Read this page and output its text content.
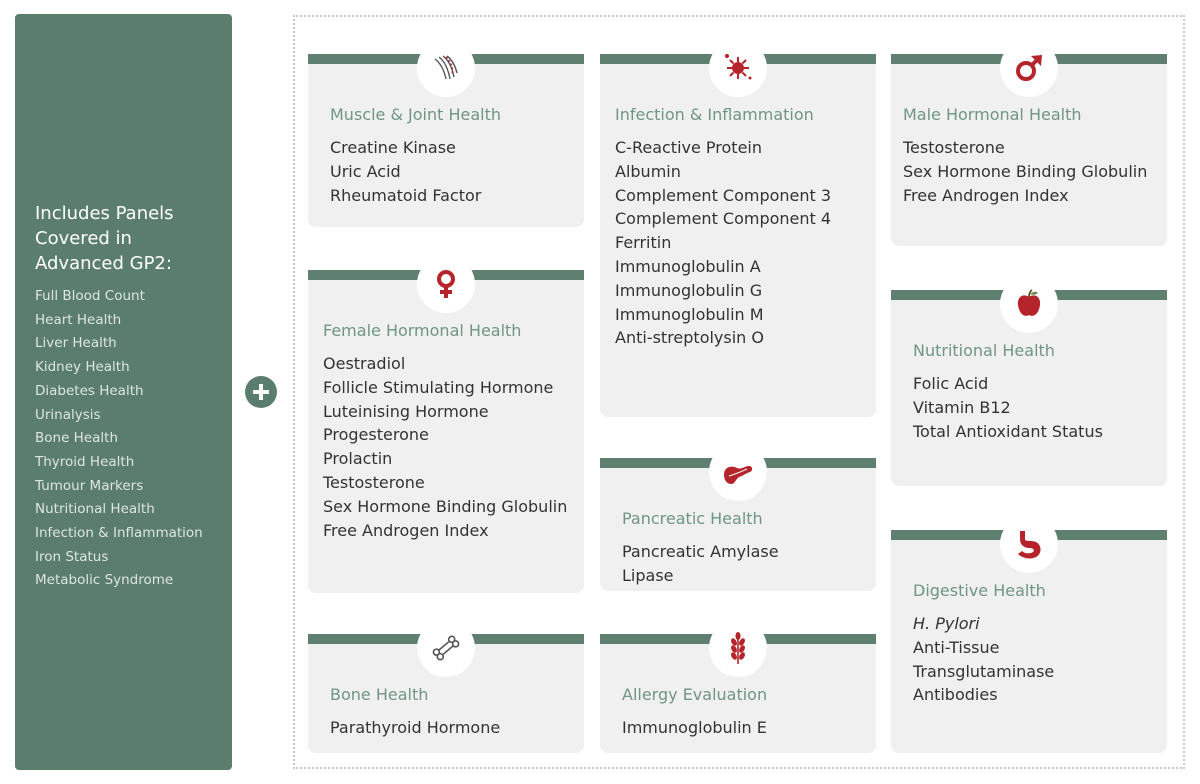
Includes Panels Covered in Advanced GP2:
Full Blood Count
Heart Health
Liver Health
Kidney Health
Diabetes Health
Urinalysis
Bone Health
Thyroid Health
Tumour Markers
Nutritional Health
Infection & Inflammation
Iron Status
Metabolic Syndrome
Muscle & Joint Health
Creatine Kinase
Uric Acid
Rheumatoid Factor
Infection & Inflammation
C-Reactive Protein
Albumin
Complement Component 3
Complement Component 4
Ferritin
Immunoglobulin A
Immunoglobulin G
Immunoglobulin M
Anti-streptolysin O
Male Hormonal Health
Testosterone
Sex Hormone Binding Globulin
Free Androgen Index
Female Hormonal Health
Oestradiol
Follicle Stimulating Hormone
Luteinising Hormone
Progesterone
Prolactin
Testosterone
Sex Hormone Binding Globulin
Free Androgen Index
Nutritional Health
Folic Acid
Vitamin B12
Total Antioxidant Status
Pancreatic Health
Pancreatic Amylase
Lipase
Digestive Health
H. Pylori
Anti-Tissue
Transglutaminase
Antibodies
Bone Health
Parathyroid Hormone
Allergy Evaluation
Immunoglobulin E
